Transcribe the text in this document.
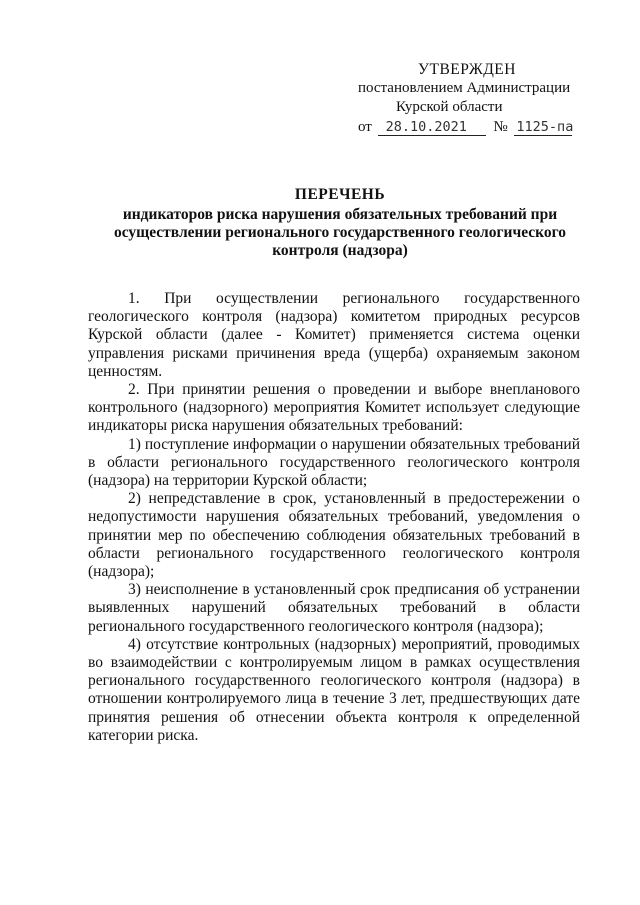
УТВЕРЖДЕН
постановлением Администрации
Курской области
от 28.10.2021 № 1125-па
ПЕРЕЧЕНЬ
индикаторов риска нарушения обязательных требований при осуществлении регионального государственного геологического контроля (надзора)

1. При осуществлении регионального государственного геологического контроля (надзора) комитетом природных ресурсов Курской области (далее - Комитет) применяется система оценки управления рисками причинения вреда (ущерба) охраняемым законом ценностям.

2. При принятии решения о проведении и выборе внепланового контрольного (надзорного) мероприятия Комитет использует следующие индикаторы риска нарушения обязательных требований:

1) поступление информации о нарушении обязательных требований в области регионального государственного геологического контроля (надзора) на территории Курской области;

2) непредставление в срок, установленный в предостережении о недопустимости нарушения обязательных требований, уведомления о принятии мер по обеспечению соблюдения обязательных требований в области регионального государственного геологического контроля (надзора);

3) неисполнение в установленный срок предписания об устранении выявленных нарушений обязательных требований в области регионального государственного геологического контроля (надзора);

4) отсутствие контрольных (надзорных) мероприятий, проводимых во взаимодействии с контролируемым лицом в рамках осуществления регионального государственного геологического контроля (надзора) в отношении контролируемого лица в течение 3 лет, предшествующих дате принятия решения об отнесении объекта контроля к определенной категории риска.
